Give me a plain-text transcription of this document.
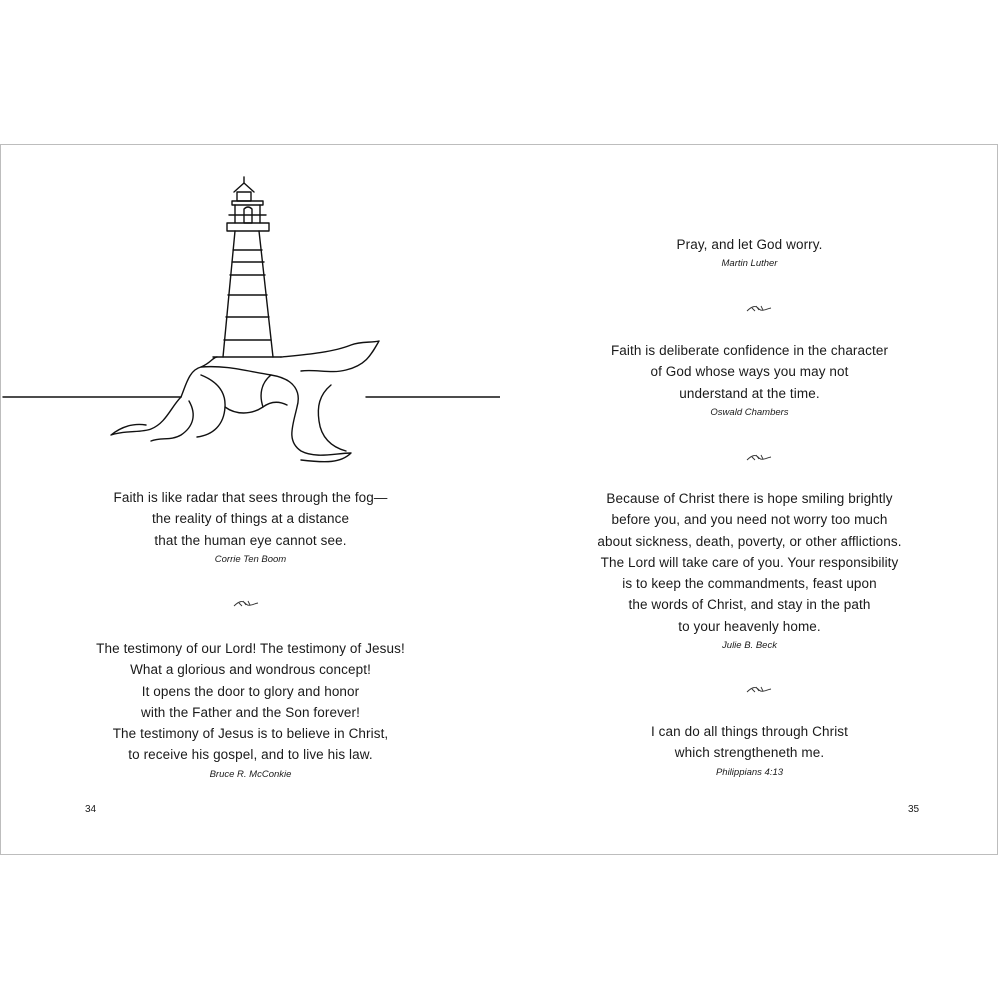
Faith is like radar that sees through the fog—
the reality of things at a distance
that the human eye cannot see.
Corrie Ten Boom
The testimony of our Lord! The testimony of Jesus!
What a glorious and wondrous concept!
It opens the door to glory and honor
with the Father and the Son forever!
The testimony of Jesus is to believe in Christ,
to receive his gospel, and to live his law.
Bruce R. McConkie
34
Pray, and let God worry.
Martin Luther
Faith is deliberate confidence in the character
of God whose ways you may not
understand at the time.
Oswald Chambers
Because of Christ there is hope smiling brightly
before you, and you need not worry too much
about sickness, death, poverty, or other afflictions.
The Lord will take care of you. Your responsibility
is to keep the commandments, feast upon
the words of Christ, and stay in the path
to your heavenly home.
Julie B. Beck
I can do all things through Christ
which strengtheneth me.
Philippians 4:13
35
